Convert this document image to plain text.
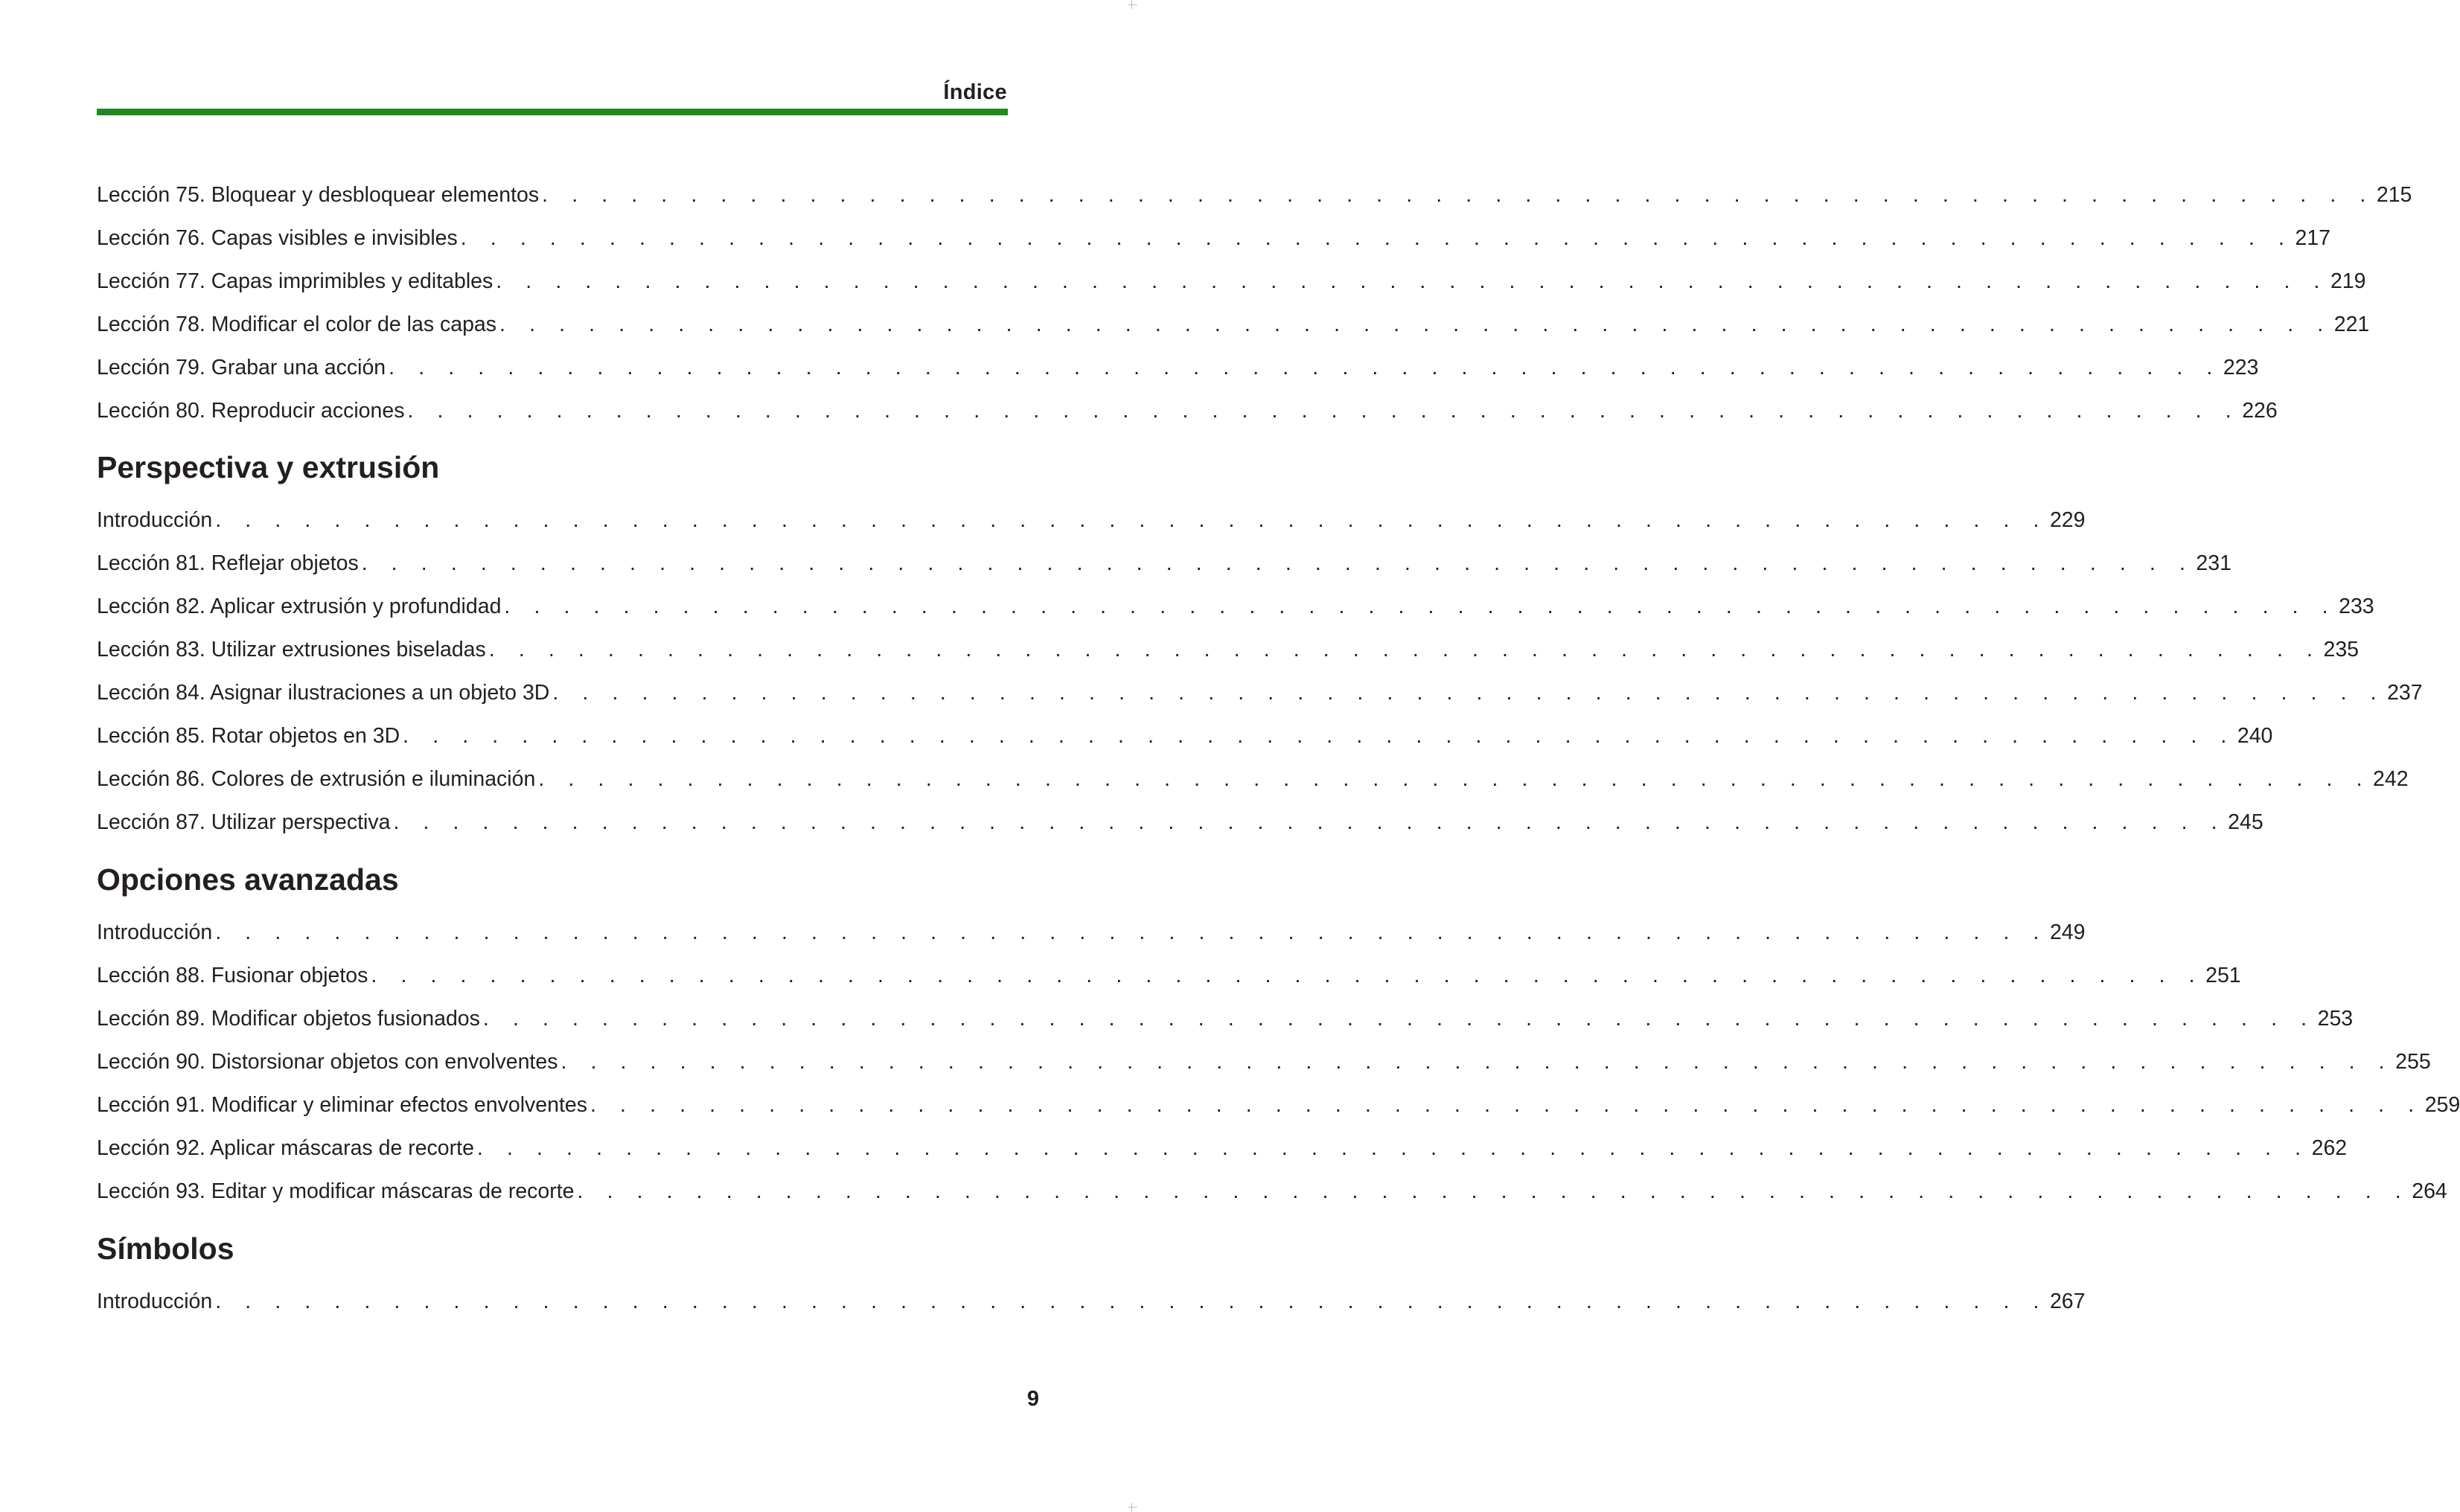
Índice
Lección 75. Bloquear y desbloquear elementos . . . . . . . . . . . . . . . . . . . . . . . . . . . . . . . . . . . . . . . . . . . . . . . . . . . . . . . . . . . . . . 215
Lección 76. Capas visibles e invisibles . . . . . . . . . . . . . . . . . . . . . . . . . . . . . . . . . . . . . . . . . . . . . . . . . . . . . . . . . . . . . . 217
Lección 77. Capas imprimibles y editables . . . . . . . . . . . . . . . . . . . . . . . . . . . . . . . . . . . . . . . . . . . . . . . . . . . . . . . . . . . . . . 219
Lección 78. Modificar el color de las capas . . . . . . . . . . . . . . . . . . . . . . . . . . . . . . . . . . . . . . . . . . . . . . . . . . . . . . . . . . . . . . 221
Lección 79. Grabar una acción . . . . . . . . . . . . . . . . . . . . . . . . . . . . . . . . . . . . . . . . . . . . . . . . . . . . . . . . . . . . . . 223
Lección 80. Reproducir acciones . . . . . . . . . . . . . . . . . . . . . . . . . . . . . . . . . . . . . . . . . . . . . . . . . . . . . . . . . . . . . . 226
Perspectiva y extrusión
Introducción . . . . . . . . . . . . . . . . . . . . . . . . . . . . . . . . . . . . . . . . . . . . . . . . . . . . . . . . . . . . . . 229
Lección 81. Reflejar objetos . . . . . . . . . . . . . . . . . . . . . . . . . . . . . . . . . . . . . . . . . . . . . . . . . . . . . . . . . . . . . . 231
Lección 82. Aplicar extrusión y profundidad . . . . . . . . . . . . . . . . . . . . . . . . . . . . . . . . . . . . . . . . . . . . . . . . . . . . . . . . . . . . . . 233
Lección 83. Utilizar extrusiones biseladas . . . . . . . . . . . . . . . . . . . . . . . . . . . . . . . . . . . . . . . . . . . . . . . . . . . . . . . . . . . . . . 235
Lección 84. Asignar ilustraciones a un objeto 3D . . . . . . . . . . . . . . . . . . . . . . . . . . . . . . . . . . . . . . . . . . . . . . . . . . . . . . . . . . . . . . 237
Lección 85. Rotar objetos en 3D . . . . . . . . . . . . . . . . . . . . . . . . . . . . . . . . . . . . . . . . . . . . . . . . . . . . . . . . . . . . . . 240
Lección 86. Colores de extrusión e iluminación . . . . . . . . . . . . . . . . . . . . . . . . . . . . . . . . . . . . . . . . . . . . . . . . . . . . . . . . . . . . . . 242
Lección 87. Utilizar perspectiva . . . . . . . . . . . . . . . . . . . . . . . . . . . . . . . . . . . . . . . . . . . . . . . . . . . . . . . . . . . . . . 245
Opciones avanzadas
Introducción . . . . . . . . . . . . . . . . . . . . . . . . . . . . . . . . . . . . . . . . . . . . . . . . . . . . . . . . . . . . . . 249
Lección 88. Fusionar objetos . . . . . . . . . . . . . . . . . . . . . . . . . . . . . . . . . . . . . . . . . . . . . . . . . . . . . . . . . . . . . . 251
Lección 89. Modificar objetos fusionados . . . . . . . . . . . . . . . . . . . . . . . . . . . . . . . . . . . . . . . . . . . . . . . . . . . . . . . . . . . . . . 253
Lección 90. Distorsionar objetos con envolventes . . . . . . . . . . . . . . . . . . . . . . . . . . . . . . . . . . . . . . . . . . . . . . . . . . . . . . . . . . . . . . 255
Lección 91. Modificar y eliminar efectos envolventes . . . . . . . . . . . . . . . . . . . . . . . . . . . . . . . . . . . . . . . . . . . . . . . . . . . . . . . . . . . . . . 259
Lección 92. Aplicar máscaras de recorte . . . . . . . . . . . . . . . . . . . . . . . . . . . . . . . . . . . . . . . . . . . . . . . . . . . . . . . . . . . . . . 262
Lección 93. Editar y modificar máscaras de recorte . . . . . . . . . . . . . . . . . . . . . . . . . . . . . . . . . . . . . . . . . . . . . . . . . . . . . . . . . . . . . . 264
Símbolos
Introducción . . . . . . . . . . . . . . . . . . . . . . . . . . . . . . . . . . . . . . . . . . . . . . . . . . . . . . . . . . . . . . 267
9
